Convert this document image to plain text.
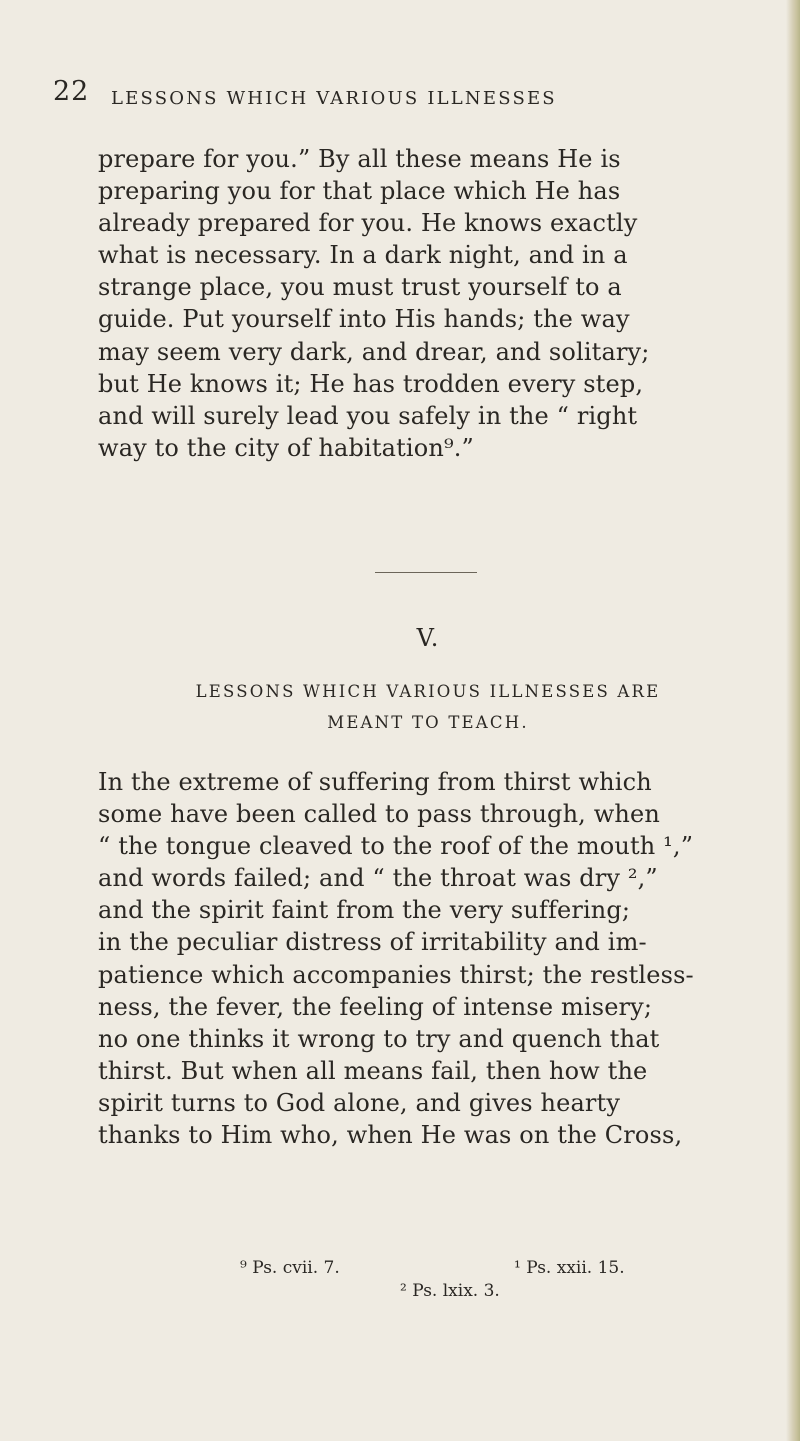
22 LESSONS WHICH VARIOUS ILLNESSES
prepare for you.” By all these means He is
preparing you for that place which He has
already prepared for you. He knows exactly
what is necessary. In a dark night, and in a
strange place, you must trust yourself to a
guide. Put yourself into His hands; the way
may seem very dark, and drear, and solitary;
but He knows it; He has trodden every step,
and will surely lead you safely in the “ right
way to the city of habitation⁹.”
V.
LESSONS WHICH VARIOUS ILLNESSES ARE
MEANT TO TEACH.
In the extreme of suffering from thirst which
some have been called to pass through, when
“ the tongue cleaved to the roof of the mouth ¹,”
and words failed; and “ the throat was dry ²,”
and the spirit faint from the very suffering;
in the peculiar distress of irritability and im-
patience which accompanies thirst; the restless-
ness, the fever, the feeling of intense misery;
no one thinks it wrong to try and quench that
thirst. But when all means fail, then how the
spirit turns to God alone, and gives hearty
thanks to Him who, when He was on the Cross,
⁹ Ps. cvii. 7.	¹ Ps. xxii. 15.
² Ps. lxix. 3.
